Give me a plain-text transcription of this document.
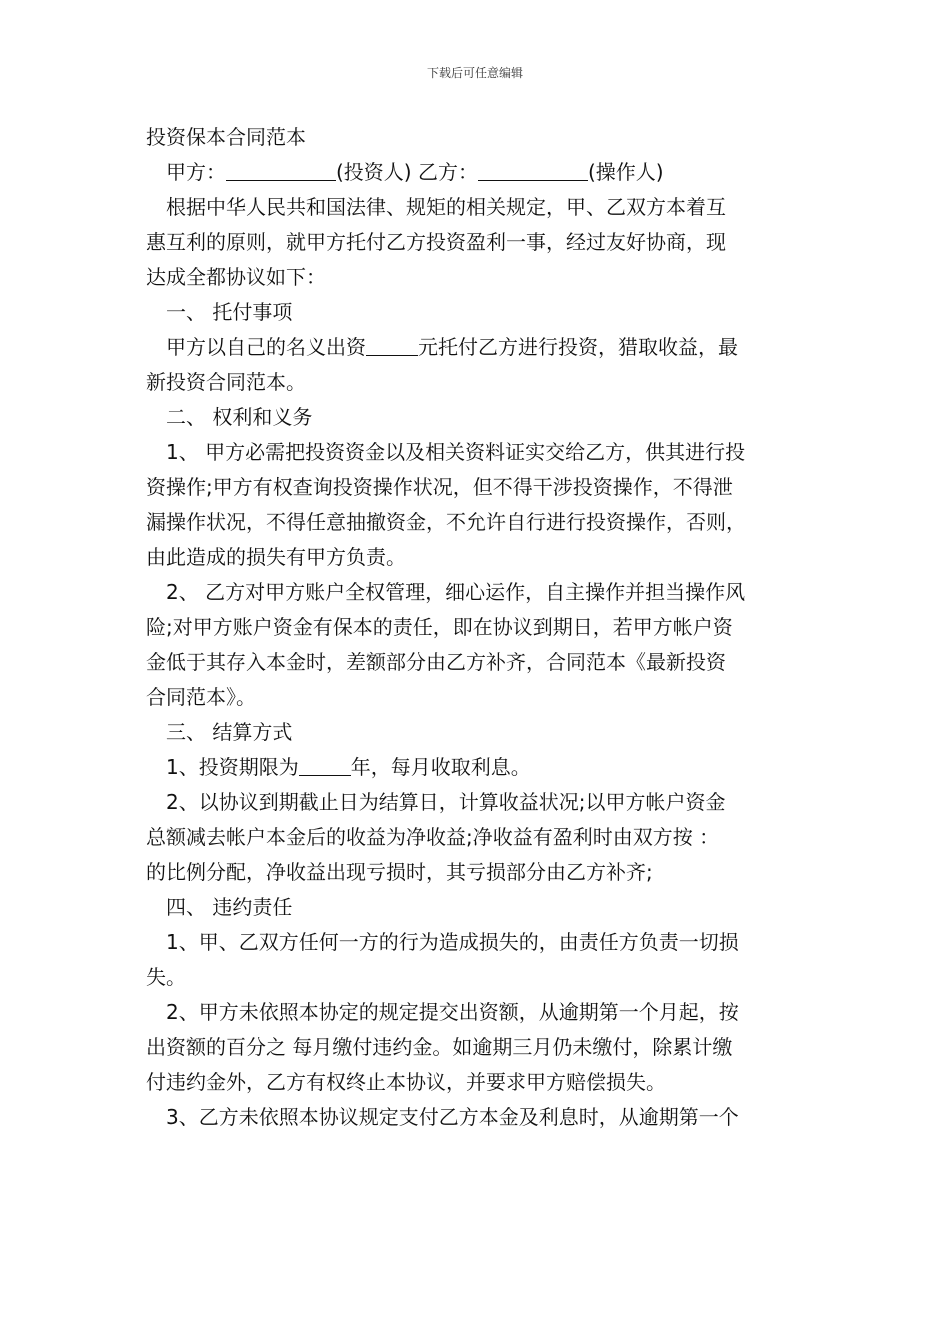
下载后可任意编辑
投资保本合同范本
甲方：	(投资人) 乙方：	(操作人)
根据中华人民共和国法律、规矩的相关规定，甲、乙双方本着互
惠互利的原则，就甲方托付乙方投资盈利一事，经过友好协商，现
达成全都协议如下：
一、 托付事项
甲方以自己的名义出资	元托付乙方进行投资，猎取收益，最
新投资合同范本。
二、 权利和义务
1、 甲方必需把投资资金以及相关资料证实交给乙方，供其进行投
资操作;甲方有权查询投资操作状况，但不得干涉投资操作，不得泄
漏操作状况，不得任意抽撤资金，不允许自行进行投资操作，否则，
由此造成的损失有甲方负责。
2、 乙方对甲方账户全权管理，细心运作，自主操作并担当操作风
险;对甲方账户资金有保本的责任，即在协议到期日，若甲方帐户资
金低于其存入本金时，差额部分由乙方补齐，合同范本《最新投资
合同范本》。
三、 结算方式
1、投资期限为	年，每月收取利息。
2、以协议到期截止日为结算日，计算收益状况;以甲方帐户资金
总额减去帐户本金后的收益为净收益;净收益有盈利时由双方按 ：
的比例分配，净收益出现亏损时，其亏损部分由乙方补齐;
四、 违约责任
1、甲、乙双方任何一方的行为造成损失的，由责任方负责一切损
失。
2、甲方未依照本协定的规定提交出资额，从逾期第一个月起，按
出资额的百分之 每月缴付违约金。如逾期三月仍未缴付，除累计缴
付违约金外，乙方有权终止本协议，并要求甲方赔偿损失。
3、乙方未依照本协议规定支付乙方本金及利息时，从逾期第一个
